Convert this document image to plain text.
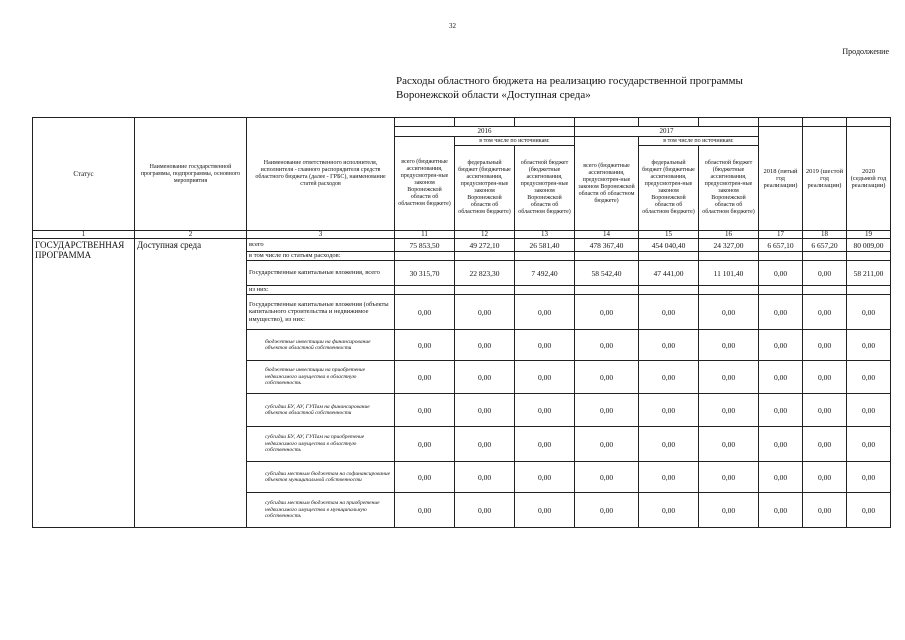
32
Продолжение
Расходы областного бюджета на реализацию государственной программы
Воронежской области «Доступная среда»
Статус	Наименование государственной программы, подпрограммы, основного мероприятия	Наименование ответственного исполнителя, исполнителя - главного распорядителя средств областного бюджета (далее - ГРБС), наименование статей расходов									
			2016			2017			2018 (пятый год реализации)	2019 (шестой год реализации)	2020 (седьмой год реализации)
			всего (бюджетные ассигнования, предусмотрен-ные законом Воронежской области об областном бюджете)	в том числе по источникам:		всего (бюджетные ассигнования, предусмотрен-ные законом Воронежской области об областном бюджете)	в том числе по источникам:				
				федеральный бюджет (бюджетные ассигнования, предусмотрен-ные законом Воронежской области об областном бюджете)	областной бюджет (бюджетные ассигнования, предусмотрен-ные законом Воронежской области об областном бюджете)		федеральный бюджет (бюджетные ассигнования, предусмотрен-ные законом Воронежской области об областном бюджете)	областной бюджет (бюджетные ассигнования, предусмотрен-ные законом Воронежской области об областном бюджете)			
1	2	3	11	12	13	14	15	16	17	18	19
ГОСУДАРСТВЕННАЯ ПРОГРАММА	Доступная среда	всего	75 853,50	49 272,10	26 581,40	478 367,40	454 040,40	24 327,00	6 657,10	6 657,20	80 009,00
		в том числе по статьям расходов:									
		Государственные капитальные вложения, всего	30 315,70	22 823,30	7 492,40	58 542,40	47 441,00	11 101,40	0,00	0,00	58 211,00
		из них:									
		Государственные капитальные вложения (объекты капитального строительства и недвижимое имущество), из них:	0,00	0,00	0,00	0,00	0,00	0,00	0,00	0,00	0,00
		бюджетные инвестиции на финансирование объектов областной собственности	0,00	0,00	0,00	0,00	0,00	0,00	0,00	0,00	0,00
		бюджетные инвестиции на приобретение недвижимого имущества в областную собственность	0,00	0,00	0,00	0,00	0,00	0,00	0,00	0,00	0,00
		субсидии БУ, АУ, ГУПам на финансирование объектов областной собственности	0,00	0,00	0,00	0,00	0,00	0,00	0,00	0,00	0,00
		субсидии БУ, АУ, ГУПам на приобретение недвижимого имущества в областную собственность	0,00	0,00	0,00	0,00	0,00	0,00	0,00	0,00	0,00
		субсидии местным бюджетам на софинансирование объектов муниципальной собственности	0,00	0,00	0,00	0,00	0,00	0,00	0,00	0,00	0,00
		субсидии местным бюджетам на приобретение недвижимого имущества в муниципальную собственность	0,00	0,00	0,00	0,00	0,00	0,00	0,00	0,00	0,00
